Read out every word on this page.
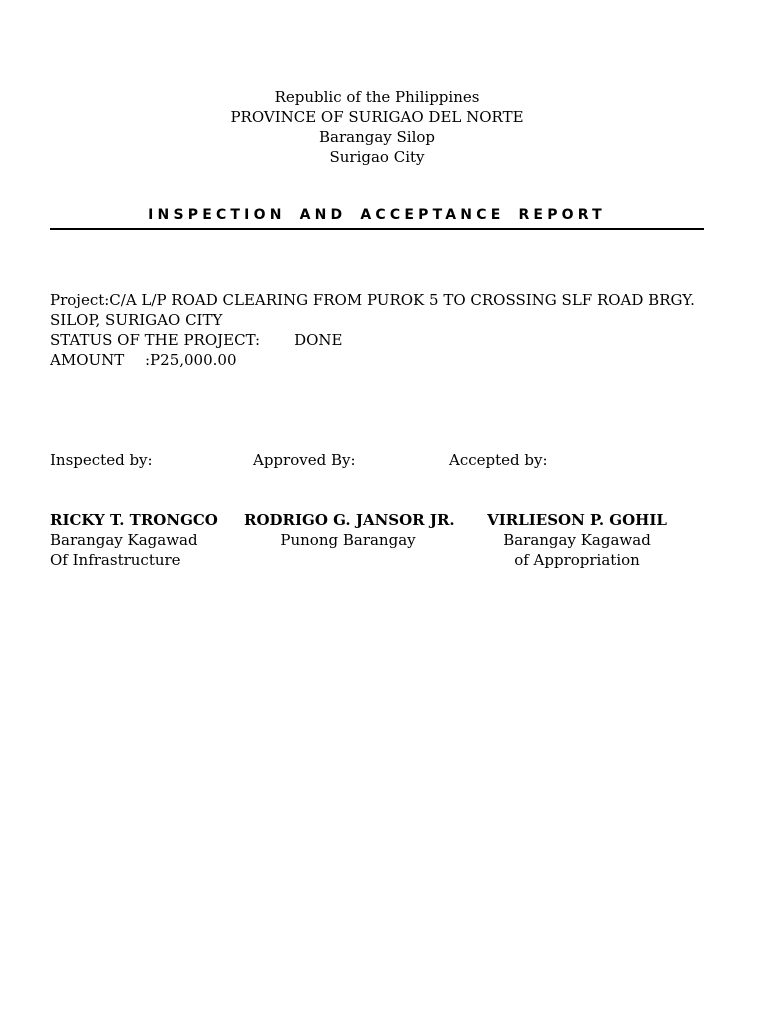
Republic of the Philippines
PROVINCE OF SURIGAO DEL NORTE
Barangay Silop
Surigao City
INSPECTION AND ACCEPTANCE REPORT
Project:C/A L/P ROAD CLEARING FROM PUROK 5 TO CROSSING SLF ROAD BRGY.
SILOP, SURIGAO CITY
STATUS OF THE PROJECT: DONE
AMOUNT :P25,000.00
Inspected by:	Approved By:	Accepted by:
RICKY T. TRONGCO
Barangay Kagawad
Of Infrastructure
RODRIGO G. JANSOR JR.
Punong Barangay
VIRLIESON P. GOHIL
Barangay Kagawad
of Appropriation
